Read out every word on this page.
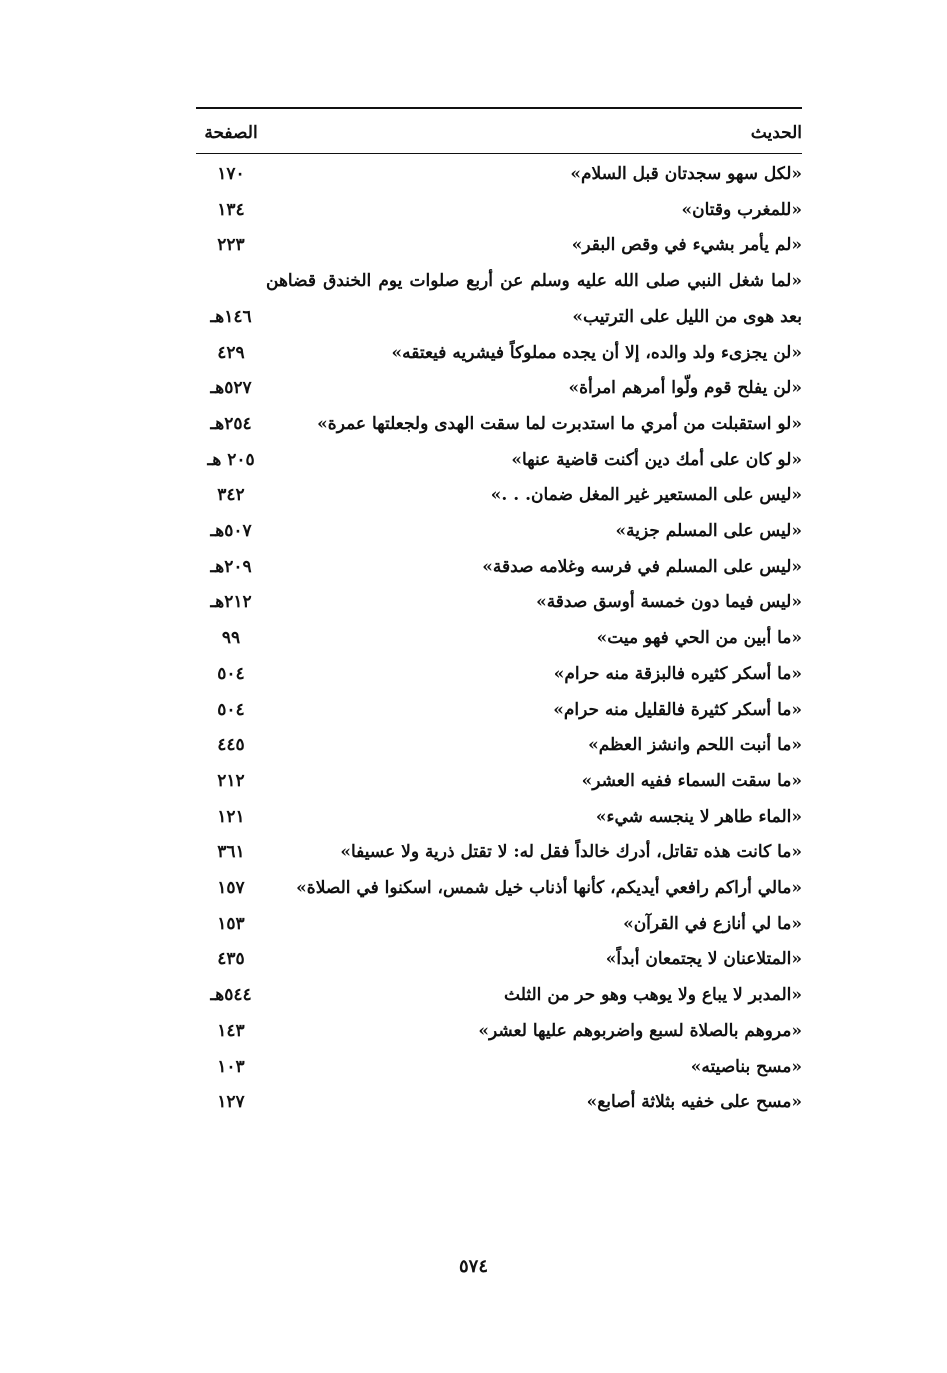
الحديث
الصفحة
«لكل سهو سجدتان قبل السلام»
١٧٠
«للمغرب وقتان»
١٣٤
«لم يأمر بشيء في وقص البقر»
٢٢٣
«لما شغل النبي صلى الله عليه وسلم عن أربع صلوات يوم الخندق قضاهن بعد هوى من الليل على الترتيب»
١٤٦هـ
«لن يجزىء ولد والده، إلا أن يجده مملوكاً فيشريه فيعتقه»
٤٢٩
«لن يفلح قوم ولّوا أمرهم امرأة»
٥٢٧هـ
«لو استقبلت من أمري ما استدبرت لما سقت الهدى ولجعلتها عمرة»
٢٥٤هـ
«لو كان على أمك دين أكنت قاضية عنها»
٢٠٥ هـ
«ليس على المستعير غير المغل ضمان. . .»
٣٤٢
«ليس على المسلم جزية»
٥٠٧هـ
«ليس على المسلم في فرسه وغلامه صدقة»
٢٠٩هـ
«ليس فيما دون خمسة أوسق صدقة»
٢١٢هـ
«ما أبين من الحي فهو ميت»
٩٩
«ما أسكر كثيره فالبزقة منه حرام»
٥٠٤
«ما أسكر كثيرة فالقليل منه حرام»
٥٠٤
«ما أنبت اللحم وانشز العظم»
٤٤٥
«ما سقت السماء ففيه العشر»
٢١٢
«الماء طاهر لا ينجسه شيء»
١٢١
«ما كانت هذه تقاتل، أدرك خالداً فقل له: لا تقتل ذرية ولا عسيفا»
٣٦١
«مالي أراكم رافعي أيديكم، كأنها أذناب خيل شمس، اسكنوا في الصلاة»
١٥٧
«ما لي أنازع في القرآن»
١٥٣
«المتلاعنان لا يجتمعان أبداً»
٤٣٥
«المدبر لا يباع ولا يوهب وهو حر من الثلث
٥٤٤هـ
«مروهم بالصلاة لسبع واضربوهم عليها لعشر»
١٤٣
«مسح بناصيته»
١٠٣
«مسح على خفيه بثلاثة أصابع»
١٢٧
٥٧٤
